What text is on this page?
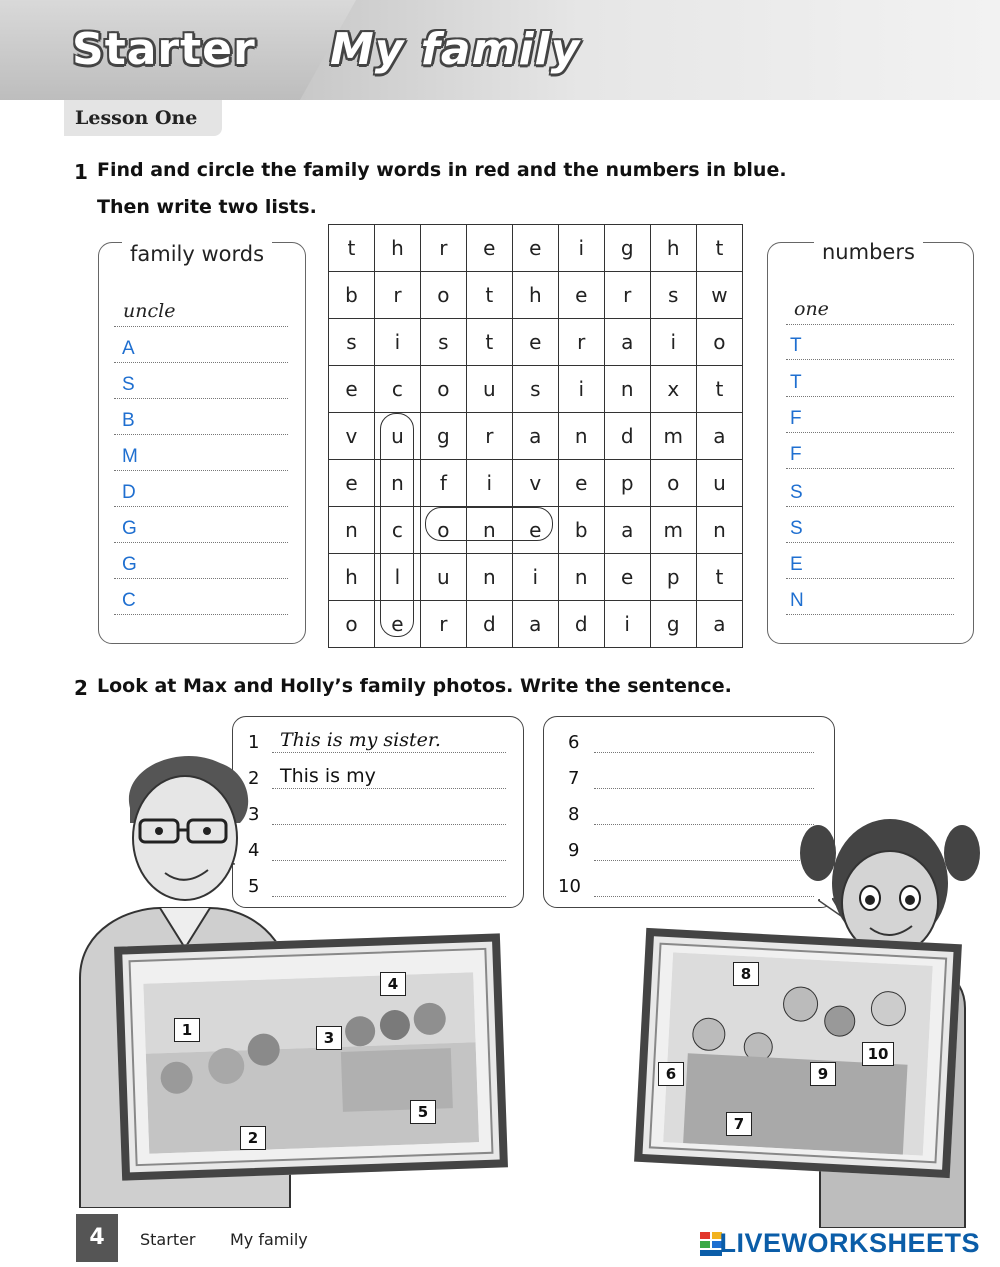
Starter My family
Lesson One
1 Find and circle the family words in red and the numbers in blue.
Then write two lists.
family words
uncle
A
S
B
M
D
G
G
C
t	h	r	e	e	i	g	h	t
b	r	o	t	h	e	r	s	w
s	i	s	t	e	r	a	i	o
e	c	o	u	s	i	n	x	t
v	u	g	r	a	n	d	m	a
e	n	f	i	v	e	p	o	u
n	c	o	n	e	b	a	m	n
h	l	u	n	i	n	e	p	t
o	e	r	d	a	d	i	g	a
numbers
one
T
T
F
F
S
S
E
N
2 Look at Max and Holly’s family photos. Write the sentence.
1 This is my sister.
2 This is my
3
4
5
6
7
8
9
10
1
2
3
4
5
6
7
8
9
10
4	Starter My family	LIVEWORKSHEETS
